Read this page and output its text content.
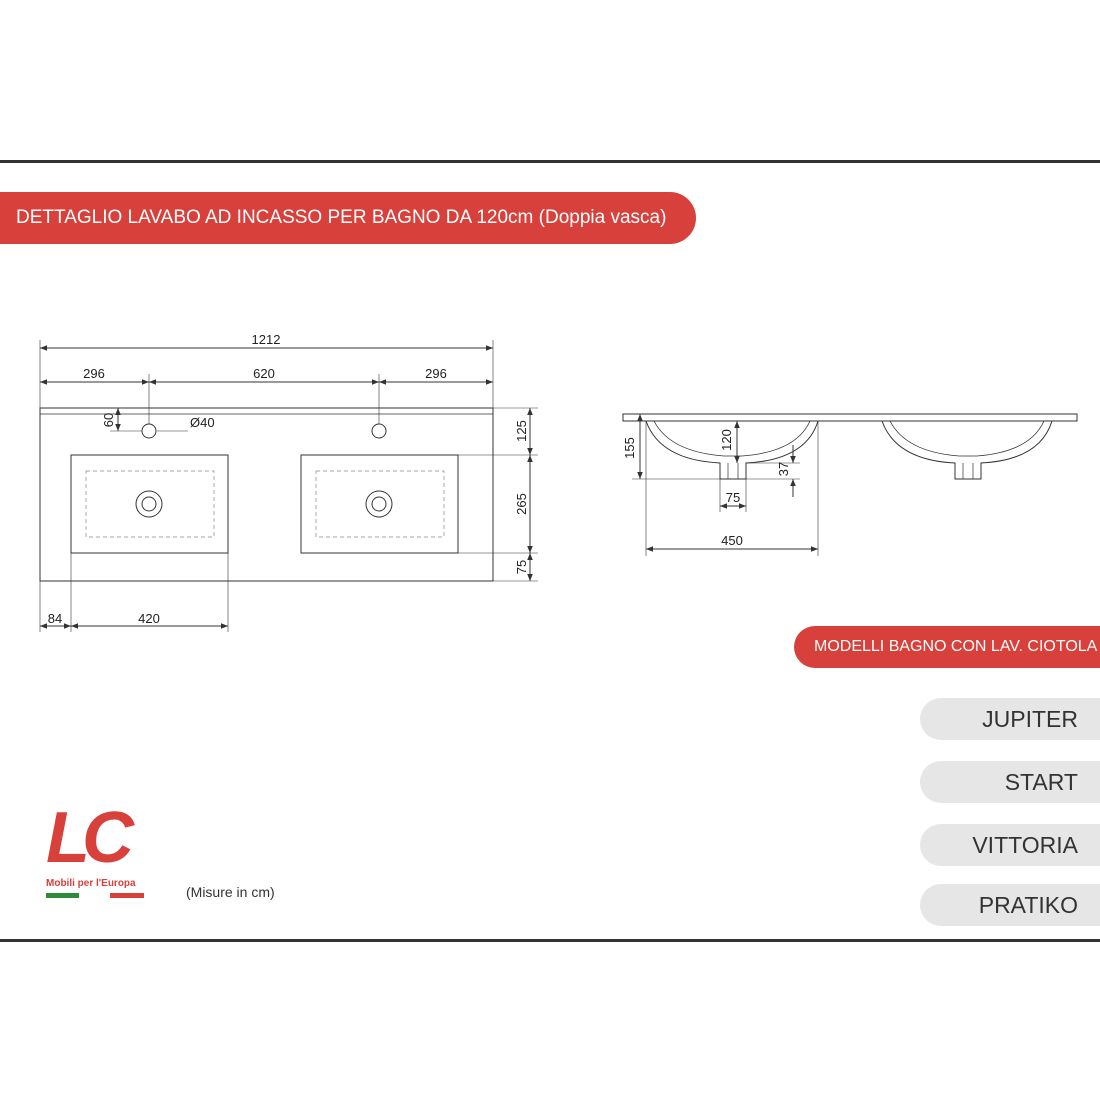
DETTAGLIO LAVABO AD INCASSO PER BAGNO DA 120cm (Doppia vasca)
1212
296	620	296
60	Ø40	125
265
75
84	420
155	120
37
75
450
LC
Mobili per l'Europa
(Misure in cm)
MODELLI BAGNO CON LAV. CIOTOLA
JUPITER
START
VITTORIA
PRATIKO
